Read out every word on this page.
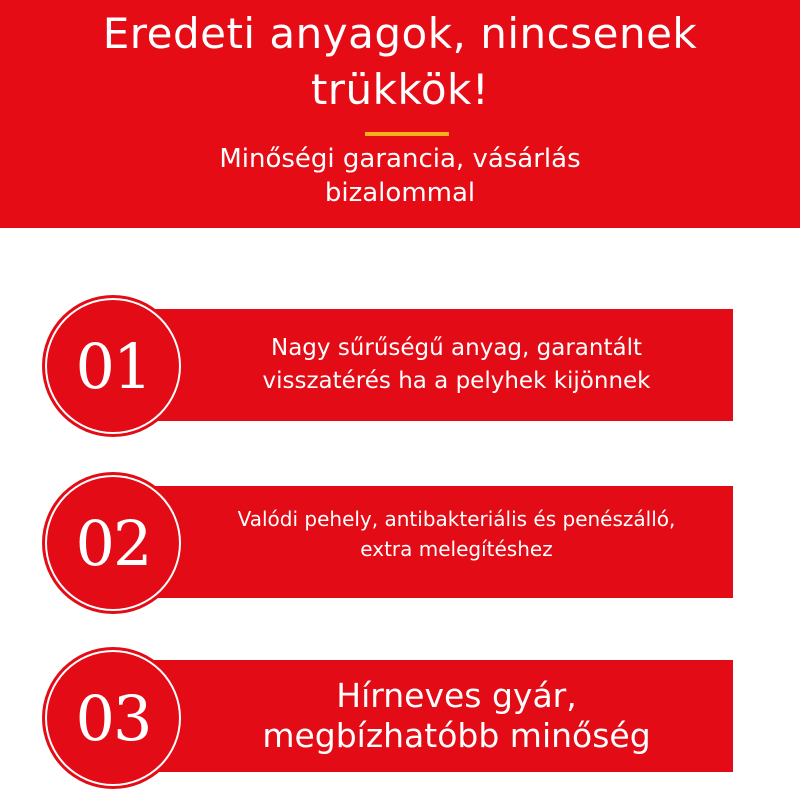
Eredeti anyagok, nincsenek
trükkök!
Minőségi garancia, vásárlás
bizalommal
Nagy sűrűségű anyag, garantált
visszatérés ha a pelyhek kijönnek
01
Valódi pehely, antibakteriális és penészálló,
extra melegítéshez
02
Hírneves gyár,
megbízhatóbb minőség
03
